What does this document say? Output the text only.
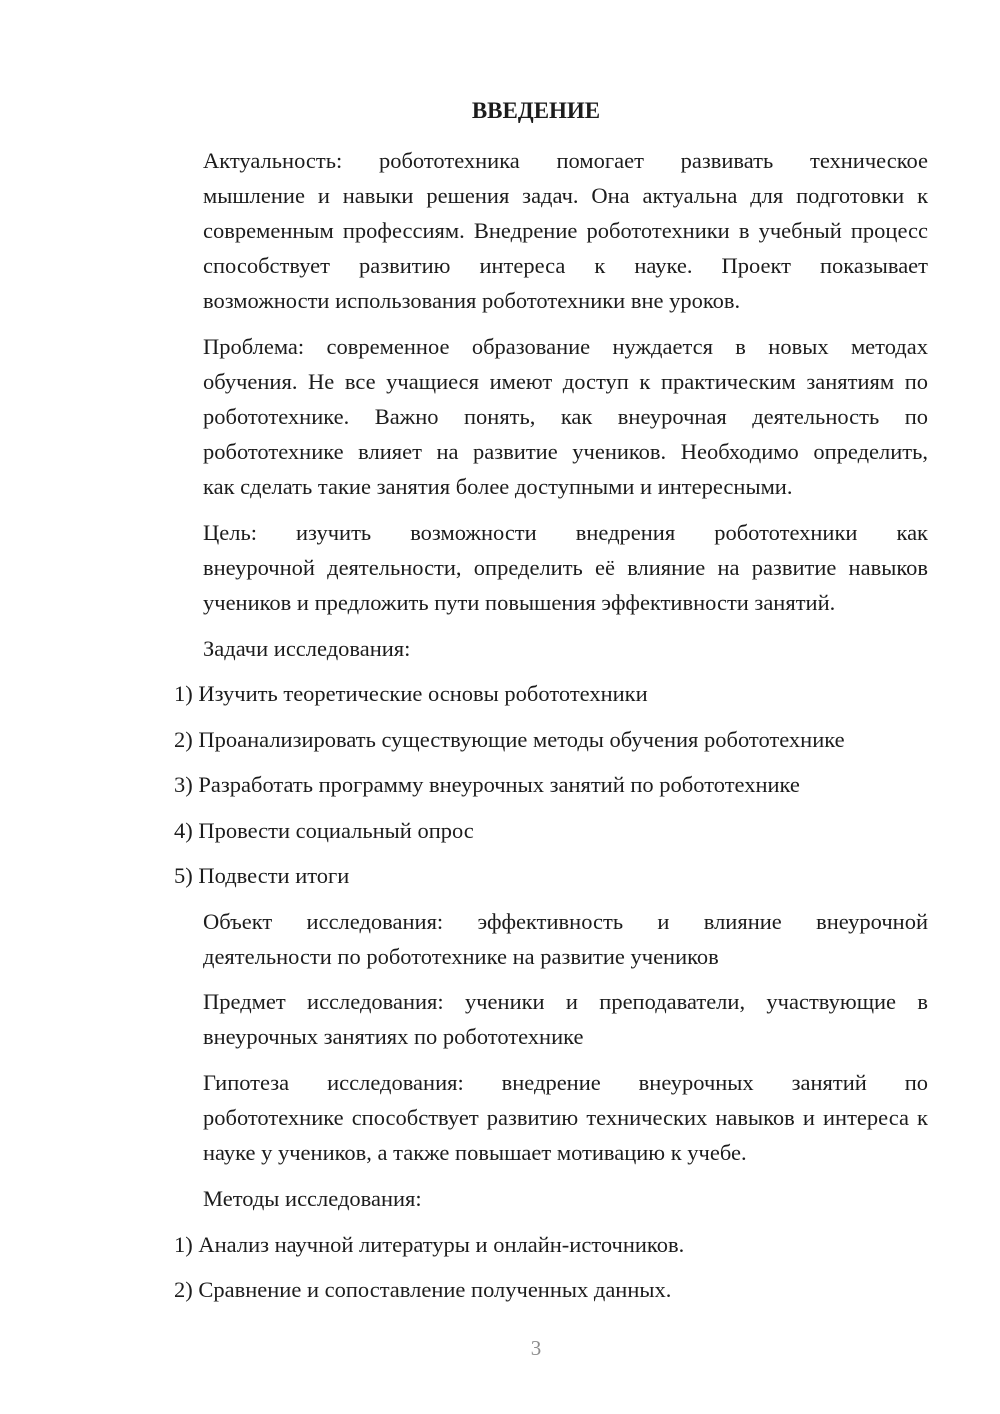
ВВЕДЕНИЕ
Актуальность: робототехника помогает развивать техническое
мышление и навыки решения задач. Она актуальна для подготовки к
современным профессиям. Внедрение робототехники в учебный процесс
способствует развитию интереса к науке. Проект показывает
возможности использования робототехники вне уроков.
Проблема: современное образование нуждается в новых методах
обучения. Не все учащиеся имеют доступ к практическим занятиям по
робототехнике. Важно понять, как внеурочная деятельность по
робототехнике влияет на развитие учеников. Необходимо определить,
как сделать такие занятия более доступными и интересными.
Цель: изучить возможности внедрения робототехники как
внеурочной деятельности, определить её влияние на развитие навыков
учеников и предложить пути повышения эффективности занятий.
Задачи исследования:

1) Изучить теоретические основы робототехники

2) Проанализировать существующие методы обучения робототехнике

3) Разработать программу внеурочных занятий по робототехнике

4) Провести социальный опрос

5) Подвести итоги

Объект исследования: эффективность и влияние внеурочной
деятельности по робототехнике на развитие учеников
Предмет исследования: ученики и преподаватели, участвующие в
внеурочных занятиях по робототехнике
Гипотеза исследования: внедрение внеурочных занятий по
робототехнике способствует развитию технических навыков и интереса к
науке у учеников, а также повышает мотивацию к учебе.
Методы исследования:

1) Анализ научной литературы и онлайн-источников.

2) Сравнение и сопоставление полученных данных.

3
